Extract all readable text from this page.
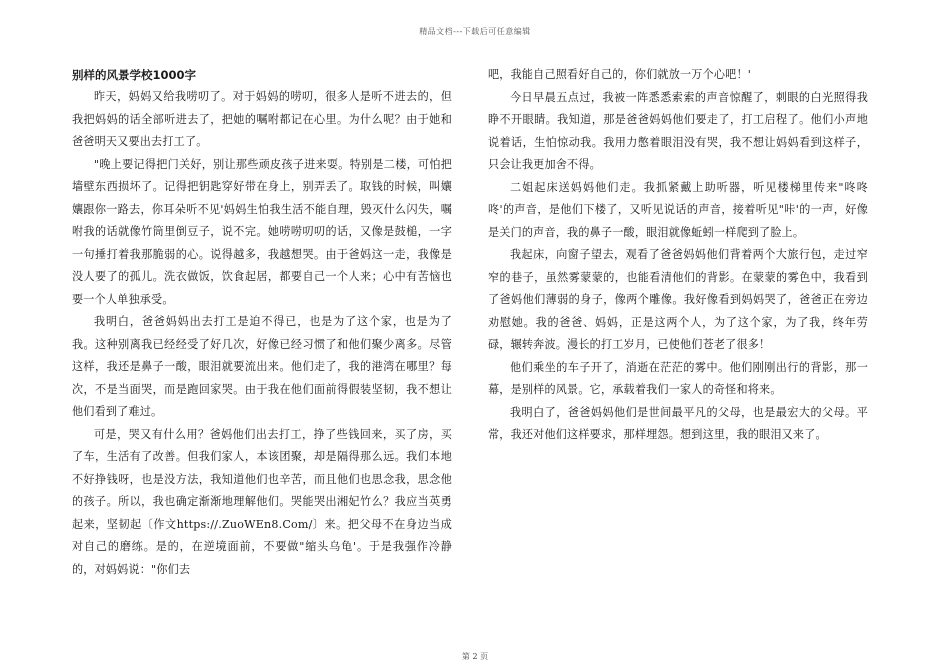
精品文档---下载后可任意编辑
别样的风景学校1000字

昨天，妈妈又给我唠叨了。对于妈妈的唠叨，很多人是听不进去的，但我把妈妈的话全部听进去了，把她的嘱咐都记在心里。为什么呢？由于她和爸爸明天又要出去打工了。

"晚上要记得把门关好，别让那些顽皮孩子进来耍。特别是二楼，可怕把墙壁东西损坏了。记得把钥匙穿好带在身上，别弄丢了。取钱的时候，叫孃孃跟你一路去，你耳朵听不见'妈妈生怕我生活不能自理，毁灭什么闪失，嘱咐我的话就像竹筒里倒豆子，说不完。她唠唠叨叨的话，又像是鼓槌，一字一句捶打着我那脆弱的心。说得越多，我越想哭。由于爸妈这一走，我像是没人要了的孤儿。洗衣做饭，饮食起居，都要自己一个人来；心中有苦恼也要一个人单独承受。

我明白，爸爸妈妈出去打工是迫不得已，也是为了这个家，也是为了我。这种别离我已经经受了好几次，好像已经习惯了和他们聚少离多。尽管这样，我还是鼻子一酸，眼泪就要流出来。他们走了，我的港湾在哪里？每次，不是当面哭，而是跑回家哭。由于我在他们面前得假装坚韧，我不想让他们看到了难过。

可是，哭又有什么用？爸妈他们出去打工，挣了些钱回来，买了房，买了车，生活有了改善。但我们家人，本该团聚，却是隔得那么远。我们本地不好挣钱呀，也是没方法，我知道他们也辛苦，而且他们也思念我，思念他的孩子。所以，我也确定渐渐地理解他们。哭能哭出湘妃竹么？我应当英勇起来，坚韧起〔作文https://.ZuoWEn8.Com/〕来。把父母不在身边当成对自己的磨练。是的，在逆境面前，不要做"缩头乌龟'。于是我强作冷静的，对妈妈说："你们去

吧，我能自己照看好自己的，你们就放一万个心吧！'

今日早晨五点过，我被一阵悉悉索索的声音惊醒了，刺眼的白光照得我睁不开眼睛。我知道，那是爸爸妈妈他们要走了，打工启程了。他们小声地说着话，生怕惊动我。我用力憋着眼泪没有哭，我不想让妈妈看到这样子，只会让我更加舍不得。

二姐起床送妈妈他们走。我抓紧戴上助听器，听见楼梯里传来"咚咚咚'的声音，是他们下楼了，又听见说话的声音，接着听见"咔'的一声，好像是关门的声音，我的鼻子一酸，眼泪就像蚯蚓一样爬到了脸上。

我起床，向窗子望去，观看了爸爸妈妈他们背着两个大旅行包，走过窄窄的巷子，虽然雾蒙蒙的，也能看清他们的背影。在蒙蒙的雾色中，我看到了爸妈他们薄弱的身子，像两个雕像。我好像看到妈妈哭了，爸爸正在旁边劝慰她。我的爸爸、妈妈，正是这两个人，为了这个家，为了我，终年劳碌，辗转奔波。漫长的打工岁月，已使他们苍老了很多！

他们乘坐的车子开了，消逝在茫茫的雾中。他们刚刚出行的背影，那一幕，是别样的风景。它，承载着我们一家人的奇怪和将来。

我明白了，爸爸妈妈他们是世间最平凡的父母，也是最宏大的父母。平常，我还对他们这样要求，那样埋怨。想到这里，我的眼泪又来了。

第 2 页
